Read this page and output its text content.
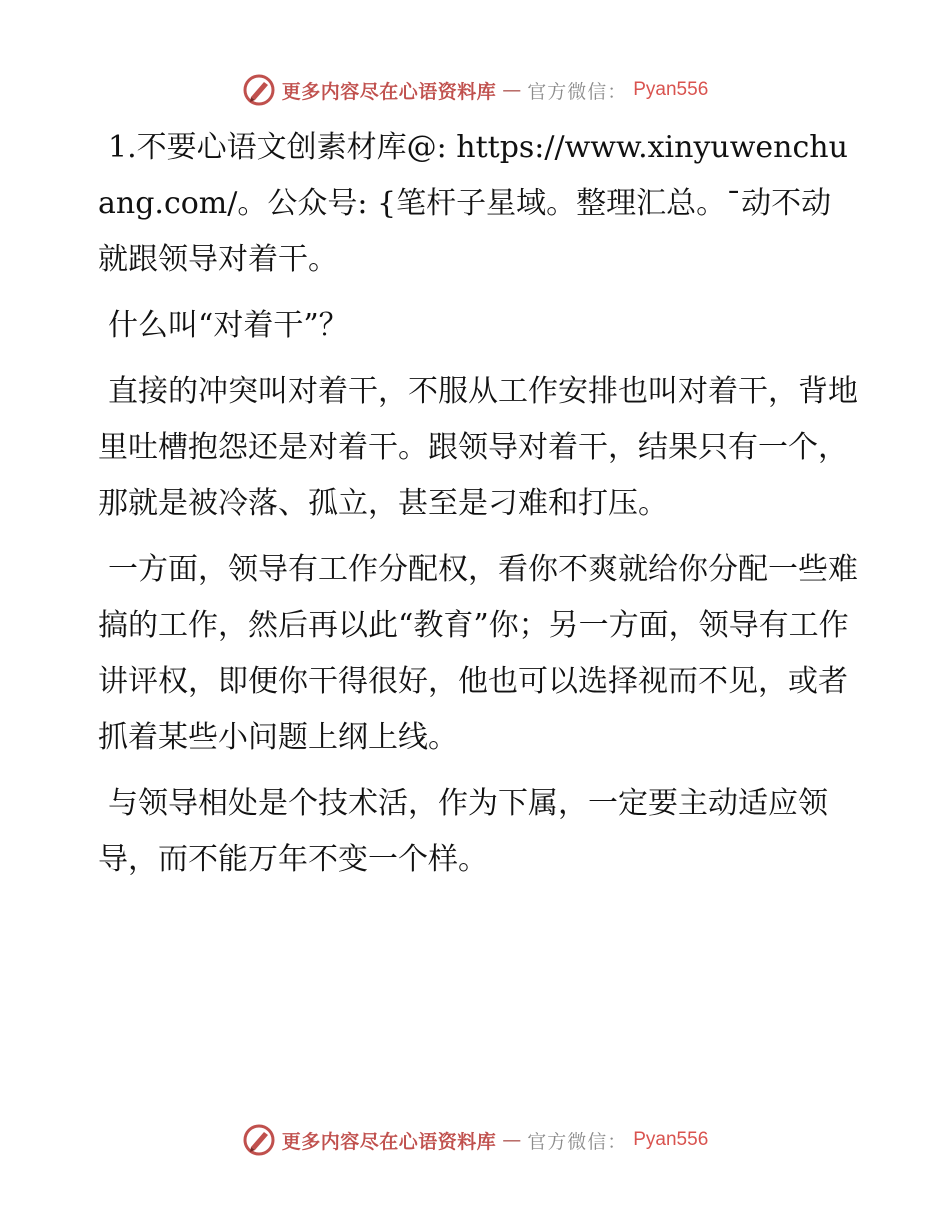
更多内容尽在心语资料库 — 官方微信： Pyan556

1.不要心语文创素材库@: https://www.xinyuwenchuang.com/。公众号: {笔杆子星域。整理汇总。¯动不动就跟领导对着干。

什么叫“对着干”？

直接的冲突叫对着干，不服从工作安排也叫对着干，背地里吐槽抱怨还是对着干。跟领导对着干，结果只有一个，那就是被冷落、孤立，甚至是刁难和打压。

一方面，领导有工作分配权，看你不爽就给你分配一些难搞的工作，然后再以此“教育”你；另一方面，领导有工作讲评权，即便你干得很好，他也可以选择视而不见，或者抓着某些小问题上纲上线。

与领导相处是个技术活，作为下属，一定要主动适应领导，而不能万年不变一个样。

更多内容尽在心语资料库 — 官方微信： Pyan556
